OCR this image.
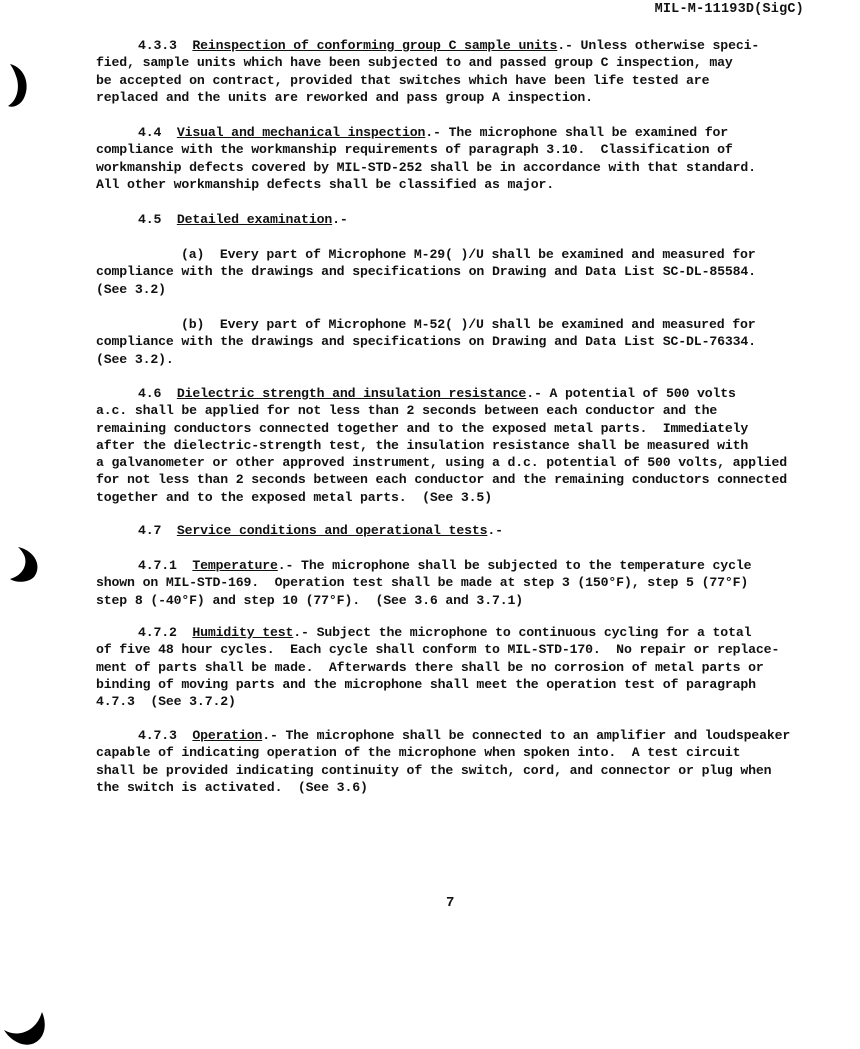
MIL-M-11193D(SigC)
4.3.3 Reinspection of conforming group C sample units.- Unless otherwise speci-
fied, sample units which have been subjected to and passed group C inspection, may
be accepted on contract, provided that switches which have been life tested are
replaced and the units are reworked and pass group A inspection.
4.4 Visual and mechanical inspection.- The microphone shall be examined for
compliance with the workmanship requirements of paragraph 3.10.  Classification of
workmanship defects covered by MIL-STD-252 shall be in accordance with that standard.
All other workmanship defects shall be classified as major.
4.5 Detailed examination.-
(a) Every part of Microphone M-29( )/U shall be examined and measured for
compliance with the drawings and specifications on Drawing and Data List SC-DL-85584.
(See 3.2)
(b) Every part of Microphone M-52( )/U shall be examined and measured for
compliance with the drawings and specifications on Drawing and Data List SC-DL-76334.
(See 3.2).
4.6 Dielectric strength and insulation resistance.- A potential of 500 volts
a.c. shall be applied for not less than 2 seconds between each conductor and the
remaining conductors connected together and to the exposed metal parts.  Immediately
after the dielectric-strength test, the insulation resistance shall be measured with
a galvanometer or other approved instrument, using a d.c. potential of 500 volts, applied
for not less than 2 seconds between each conductor and the remaining conductors connected
together and to the exposed metal parts.  (See 3.5)
4.7 Service conditions and operational tests.-
4.7.1 Temperature.- The microphone shall be subjected to the temperature cycle
shown on MIL-STD-169.  Operation test shall be made at step 3 (150°F), step 5 (77°F)
step 8 (-40°F) and step 10 (77°F).  (See 3.6 and 3.7.1)
4.7.2 Humidity test.- Subject the microphone to continuous cycling for a total
of five 48 hour cycles.  Each cycle shall conform to MIL-STD-170.  No repair or replace-
ment of parts shall be made.  Afterwards there shall be no corrosion of metal parts or
binding of moving parts and the microphone shall meet the operation test of paragraph
4.7.3  (See 3.7.2)
4.7.3 Operation.- The microphone shall be connected to an amplifier and loudspeaker
capable of indicating operation of the microphone when spoken into.  A test circuit
shall be provided indicating continuity of the switch, cord, and connector or plug when
the switch is activated.  (See 3.6)
7
